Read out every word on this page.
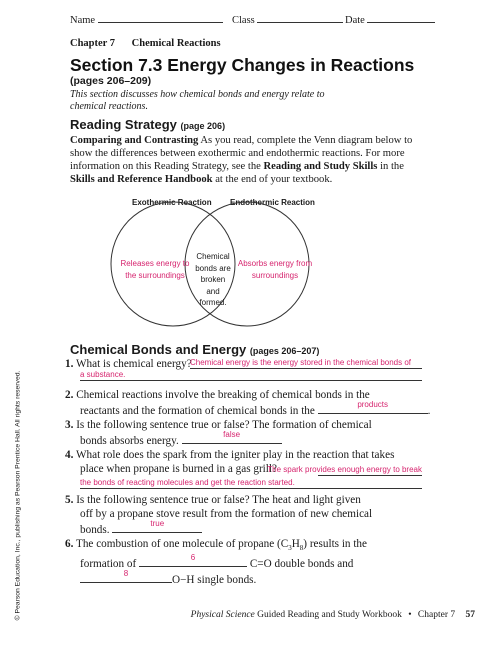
Name	Class	Date
Chapter 7 Chemical Reactions
Section 7.3 Energy Changes in Reactions
(pages 206–209)
This section discusses how chemical bonds and energy relate to chemical reactions.
Reading Strategy (page 206)
Comparing and Contrasting As you read, complete the Venn diagram below to show the differences between exothermic and endothermic reactions. For more information on this Reading Strategy, see the Reading and Study Skills in the Skills and Reference Handbook at the end of your textbook.
Exothermic Reaction Endothermic Reaction
Releases energy to the surroundings
Chemical bonds are broken and formed.
Absorbs energy from surroundings
© Pearson Education, Inc., publishing as Pearson Prentice Hall. All rights reserved.
Chemical Bonds and Energy (pages 206–207)
1. What is chemical energy?
Chemical energy is the energy stored in the chemical bonds of
a substance.
2. Chemical reactions involve the breaking of chemical bonds in the
reactants and the formation of chemical bonds in the
products
.
3. Is the following sentence true or false? The formation of chemical
bonds absorbs energy.
false
4. What role does the spark from the igniter play in the reaction that takes
place when propane is burned in a gas grill?
The spark provides enough energy to break
the bonds of reacting molecules and get the reaction started.
5. Is the following sentence true or false? The heat and light given
off by a propane stove result from the formation of new chemical
bonds.
true
6. The combustion of one molecule of propane $(C_3H_8)$ results in the
formation of
6
C=O double bonds and

8
O−H single bonds.
Physical Science Guided Reading and Study Workbook • Chapter 7 57
